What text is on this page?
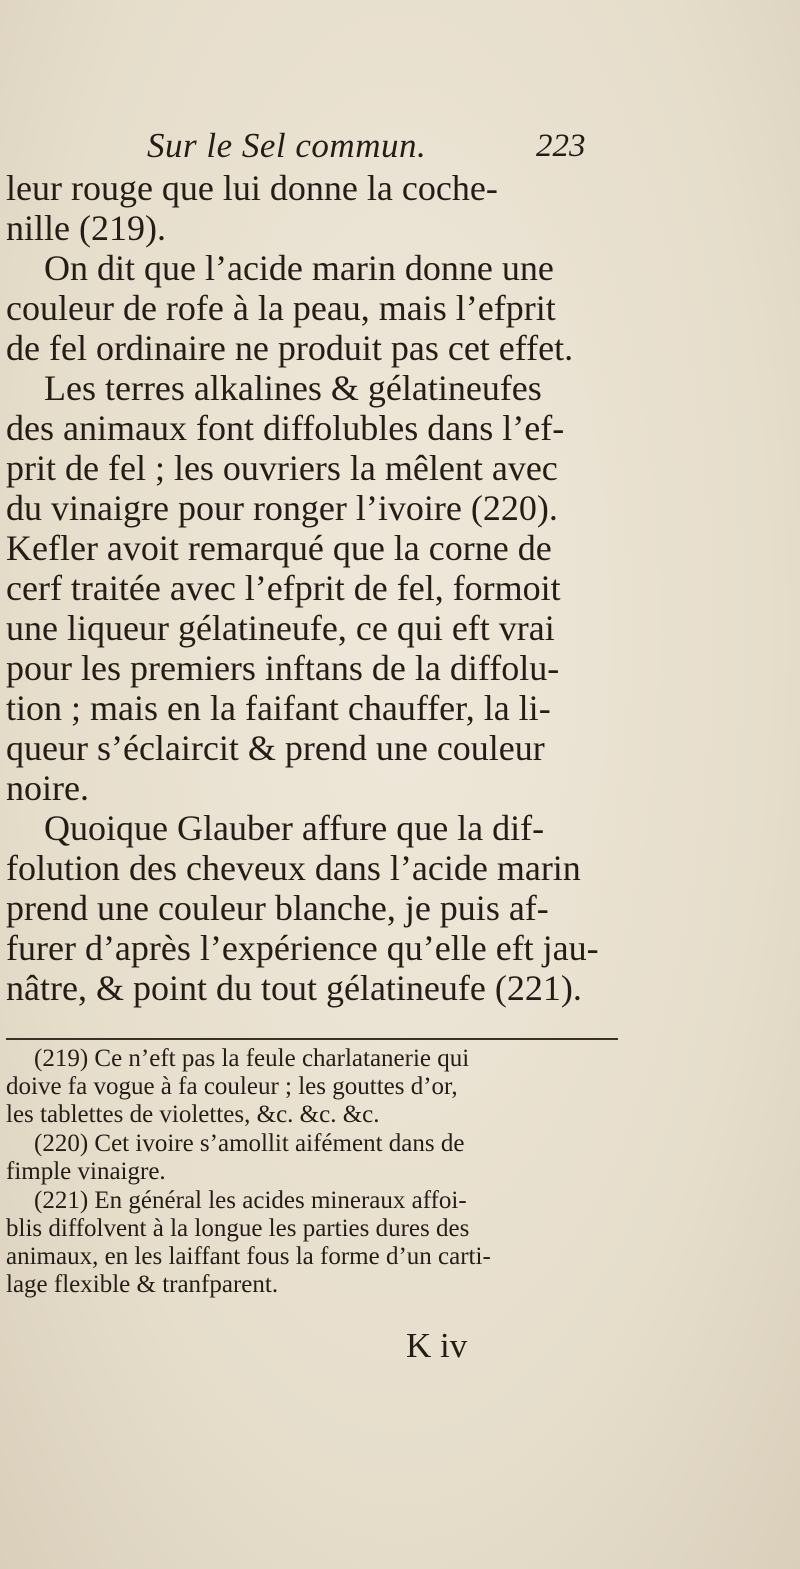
Sur le Sel commun.	223
leur rouge que lui donne la coche-
nille (219).
On dit que l’acide marin donne une
couleur de rofe à la peau, mais l’efprit
de fel ordinaire ne produit pas cet effet.
Les terres alkalines & gélatineufes
des animaux font diffolubles dans l’ef-
prit de fel ; les ouvriers la mêlent avec
du vinaigre pour ronger l’ivoire (220).
Kefler avoit remarqué que la corne de
cerf traitée avec l’efprit de fel, formoit
une liqueur gélatineufe, ce qui eft vrai
pour les premiers inftans de la diffolu-
tion ; mais en la faifant chauffer, la li-
queur s’éclaircit & prend une couleur
noire.
Quoique Glauber affure que la dif-
folution des cheveux dans l’acide marin
prend une couleur blanche, je puis af-
furer d’après l’expérience qu’elle eft jau-
nâtre, & point du tout gélatineufe (221).
(219) Ce n’eft pas la feule charlatanerie qui
doive fa vogue à fa couleur ; les gouttes d’or,
les tablettes de violettes, &c. &c. &c.
(220) Cet ivoire s’amollit aifément dans de
fimple vinaigre.
(221) En général les acides mineraux affoi-
blis diffolvent à la longue les parties dures des
animaux, en les laiffant fous la forme d’un carti-
lage flexible & tranfparent.
K iv
